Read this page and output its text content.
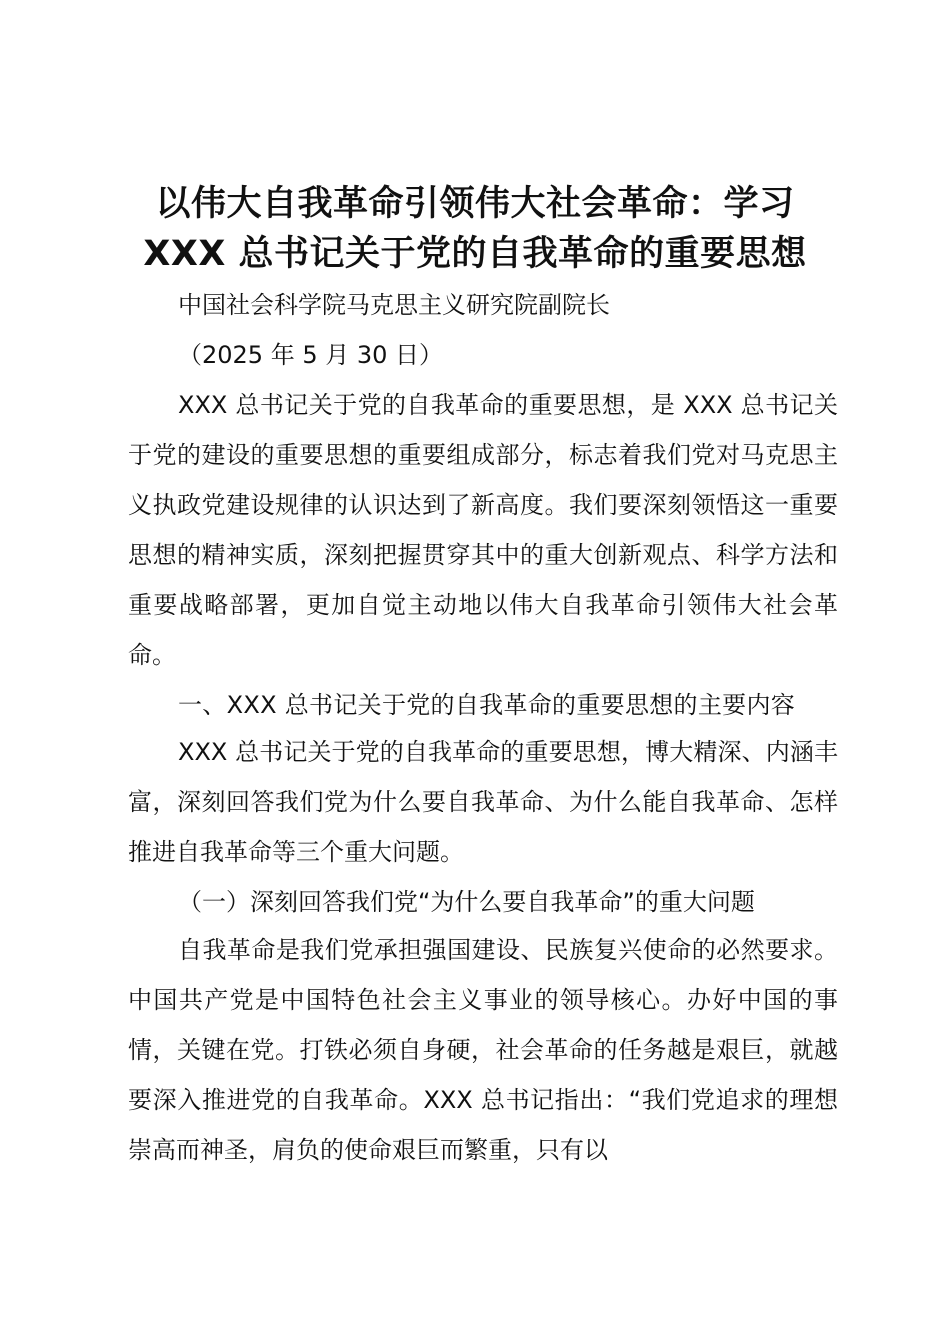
以伟大自我革命引领伟大社会革命：学习
XXX 总书记关于党的自我革命的重要思想

中国社会科学院马克思主义研究院副院长

（2025 年 5 月 30 日）

XXX 总书记关于党的自我革命的重要思想，是 XXX 总书记关于党的建设的重要思想的重要组成部分，标志着我们党对马克思主义执政党建设规律的认识达到了新高度。我们要深刻领悟这一重要思想的精神实质，深刻把握贯穿其中的重大创新观点、科学方法和重要战略部署，更加自觉主动地以伟大自我革命引领伟大社会革命。

一、XXX 总书记关于党的自我革命的重要思想的主要内容

XXX 总书记关于党的自我革命的重要思想，博大精深、内涵丰富，深刻回答我们党为什么要自我革命、为什么能自我革命、怎样推进自我革命等三个重大问题。

（一）深刻回答我们党“为什么要自我革命”的重大问题

自我革命是我们党承担强国建设、民族复兴使命的必然要求。中国共产党是中国特色社会主义事业的领导核心。办好中国的事情，关键在党。打铁必须自身硬，社会革命的任务越是艰巨，就越要深入推进党的自我革命。XXX 总书记指出：“我们党追求的理想崇高而神圣，肩负的使命艰巨而繁重，只有以
